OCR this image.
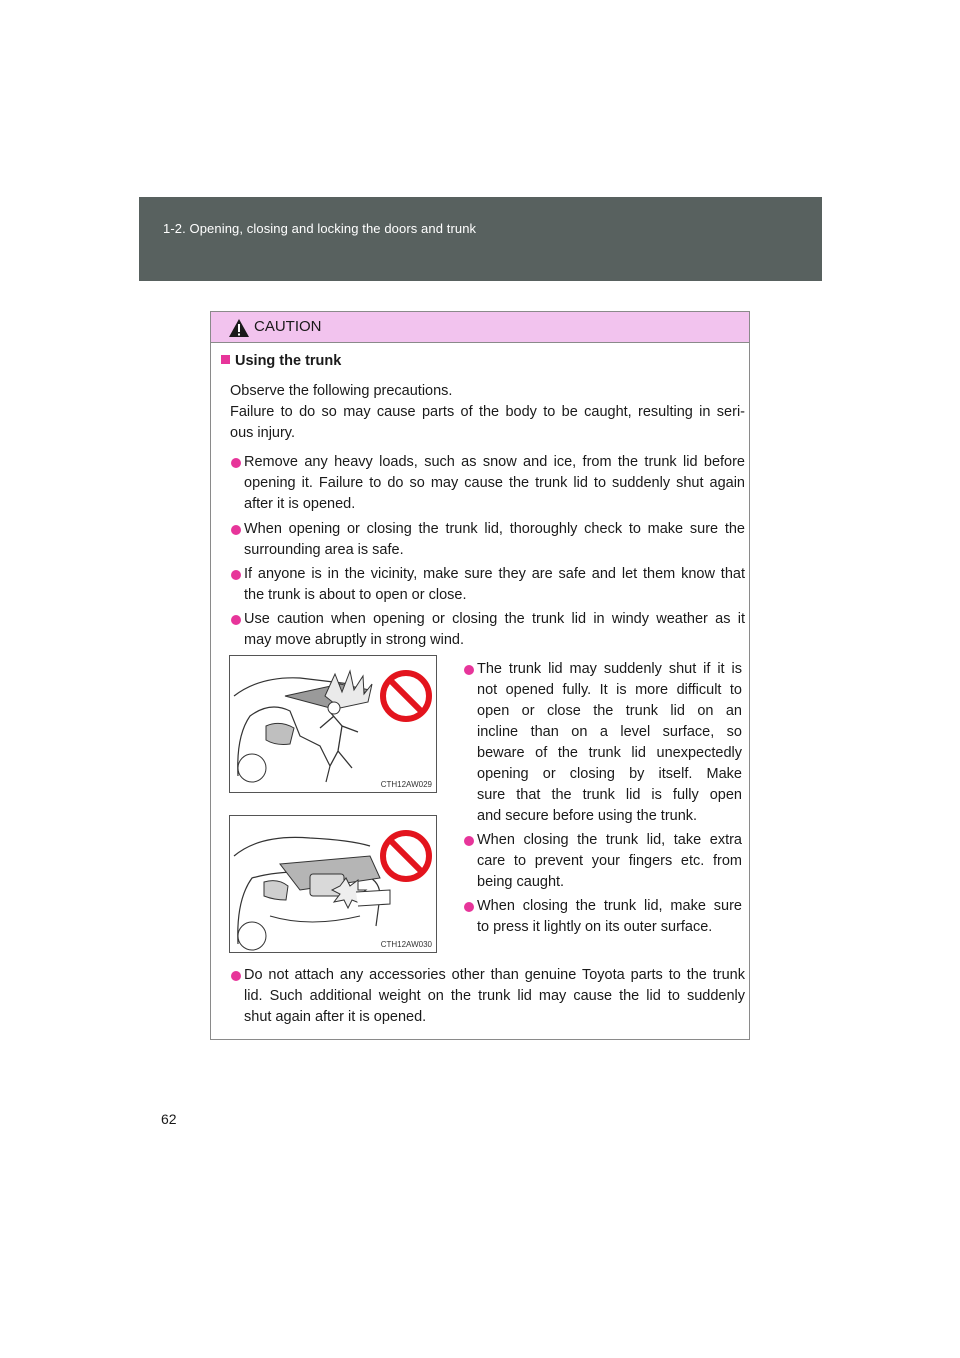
1-2. Opening, closing and locking the doors and trunk
CAUTION
Using the trunk
Observe the following precautions.
Failure to do so may cause parts of the body to be caught, resulting in seri-
ous injury.
Remove any heavy loads, such as snow and ice, from the trunk lid before
opening it. Failure to do so may cause the trunk lid to suddenly shut again
after it is opened.
When opening or closing the trunk lid, thoroughly check to make sure the
surrounding area is safe.
If anyone is in the vicinity, make sure they are safe and let them know that
the trunk is about to open or close.
Use caution when opening or closing the trunk lid in windy weather as it
may move abruptly in strong wind.
CTH12AW029
CTH12AW030
The trunk lid may suddenly shut if it is
not opened fully. It is more difficult to
open or close the trunk lid on an
incline than on a level surface, so
beware of the trunk lid unexpectedly
opening or closing by itself. Make
sure that the trunk lid is fully open
and secure before using the trunk.
When closing the trunk lid, take extra
care to prevent your fingers etc. from
being caught.
When closing the trunk lid, make sure
to press it lightly on its outer surface.
Do not attach any accessories other than genuine Toyota parts to the trunk
lid. Such additional weight on the trunk lid may cause the lid to suddenly
shut again after it is opened.
62
